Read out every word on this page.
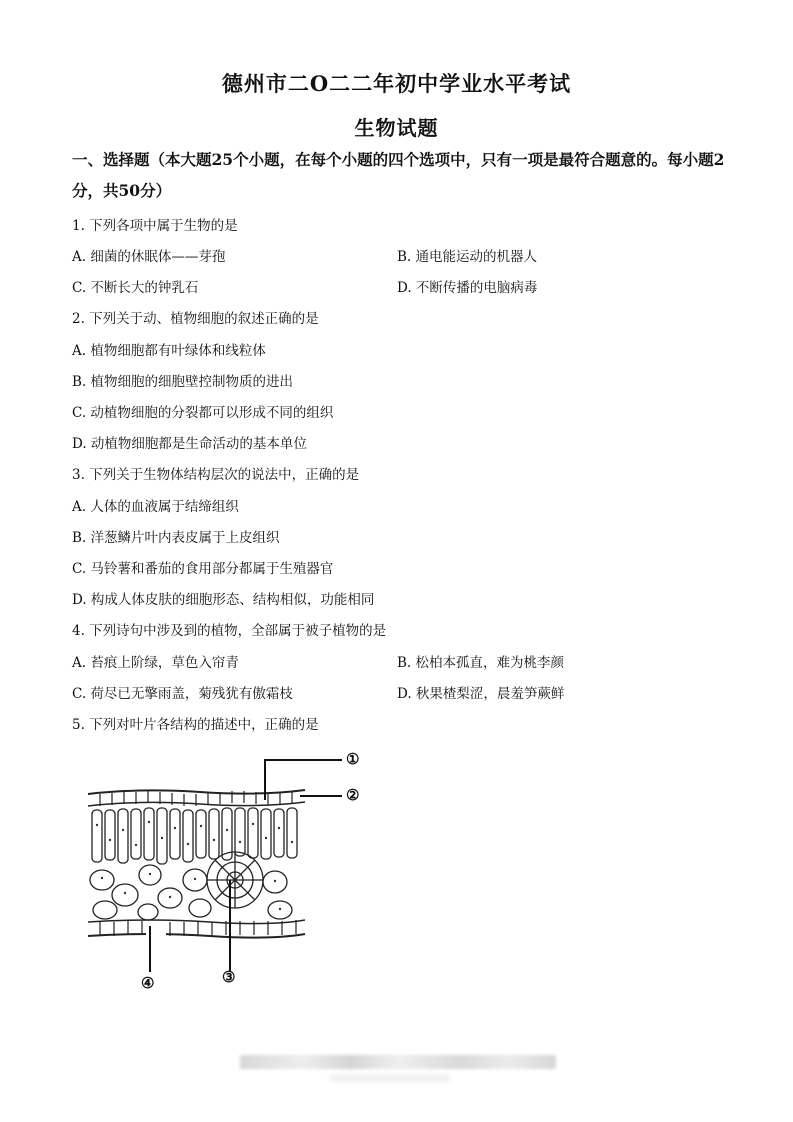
德州市二O二二年初中学业水平考试
生物试题
一、选择题（本大题25个小题，在每个小题的四个选项中，只有一项是最符合题意的。每小题2分，共50分）
1. 下列各项中属于生物的是
A. 细菌的休眠体——芽孢	B. 通电能运动的机器人
C. 不断长大的钟乳石	D. 不断传播的电脑病毒
2. 下列关于动、植物细胞的叙述正确的是
A. 植物细胞都有叶绿体和线粒体
B. 植物细胞的细胞壁控制物质的进出
C. 动植物细胞的分裂都可以形成不同的组织
D. 动植物细胞都是生命活动的基本单位
3. 下列关于生物体结构层次的说法中，正确的是
A. 人体的血液属于结缔组织
B. 洋葱鳞片叶内表皮属于上皮组织
C. 马铃薯和番茄的食用部分都属于生殖器官
D. 构成人体皮肤的细胞形态、结构相似，功能相同
4. 下列诗句中涉及到的植物，全部属于被子植物的是
A. 苔痕上阶绿，草色入帘青	B. 松柏本孤直，难为桃李颜
C. 荷尽已无擎雨盖，菊残犹有傲霜枝	D. 秋果楂梨涩，晨羞笋蕨鲜
5. 下列对叶片各结构的描述中，正确的是
①
②
③
④
